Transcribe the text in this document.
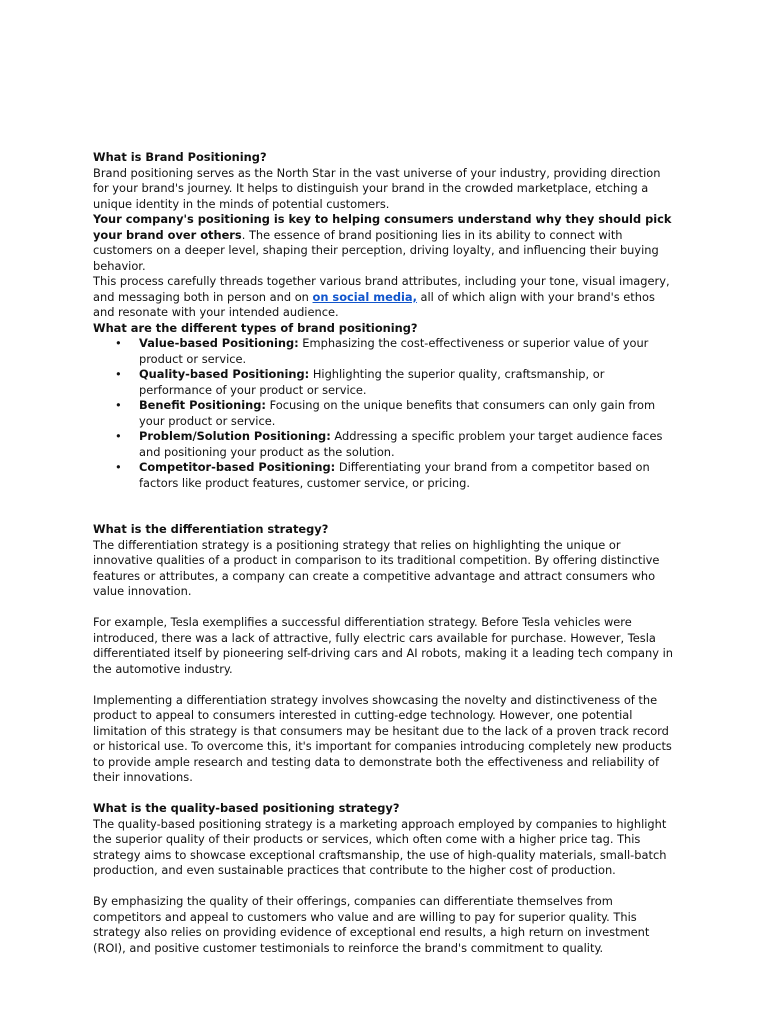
What is Brand Positioning?

Brand positioning serves as the North Star in the vast universe of your industry, providing direction for your brand's journey. It helps to distinguish your brand in the crowded marketplace, etching a unique identity in the minds of potential customers.

Your company's positioning is key to helping consumers understand why they should pick your brand over others. The essence of brand positioning lies in its ability to connect with customers on a deeper level, shaping their perception, driving loyalty, and influencing their buying behavior.

This process carefully threads together various brand attributes, including your tone, visual imagery, and messaging both in person and on on social media, all of which align with your brand's ethos and resonate with your intended audience.

What are the different types of brand positioning?

• Value-based Positioning: Emphasizing the cost-effectiveness or superior value of your product or service.
• Quality-based Positioning: Highlighting the superior quality, craftsmanship, or performance of your product or service.
• Benefit Positioning: Focusing on the unique benefits that consumers can only gain from your product or service.
• Problem/Solution Positioning: Addressing a specific problem your target audience faces and positioning your product as the solution.
• Competitor-based Positioning: Differentiating your brand from a competitor based on factors like product features, customer service, or pricing.

What is the differentiation strategy?

The differentiation strategy is a positioning strategy that relies on highlighting the unique or innovative qualities of a product in comparison to its traditional competition. By offering distinctive features or attributes, a company can create a competitive advantage and attract consumers who value innovation.

For example, Tesla exemplifies a successful differentiation strategy. Before Tesla vehicles were introduced, there was a lack of attractive, fully electric cars available for purchase. However, Tesla differentiated itself by pioneering self-driving cars and AI robots, making it a leading tech company in the automotive industry.

Implementing a differentiation strategy involves showcasing the novelty and distinctiveness of the product to appeal to consumers interested in cutting-edge technology. However, one potential limitation of this strategy is that consumers may be hesitant due to the lack of a proven track record or historical use. To overcome this, it's important for companies introducing completely new products to provide ample research and testing data to demonstrate both the effectiveness and reliability of their innovations.

What is the quality-based positioning strategy?

The quality-based positioning strategy is a marketing approach employed by companies to highlight the superior quality of their products or services, which often come with a higher price tag. This strategy aims to showcase exceptional craftsmanship, the use of high-quality materials, small-batch production, and even sustainable practices that contribute to the higher cost of production.

By emphasizing the quality of their offerings, companies can differentiate themselves from competitors and appeal to customers who value and are willing to pay for superior quality. This strategy also relies on providing evidence of exceptional end results, a high return on investment (ROI), and positive customer testimonials to reinforce the brand's commitment to quality.
